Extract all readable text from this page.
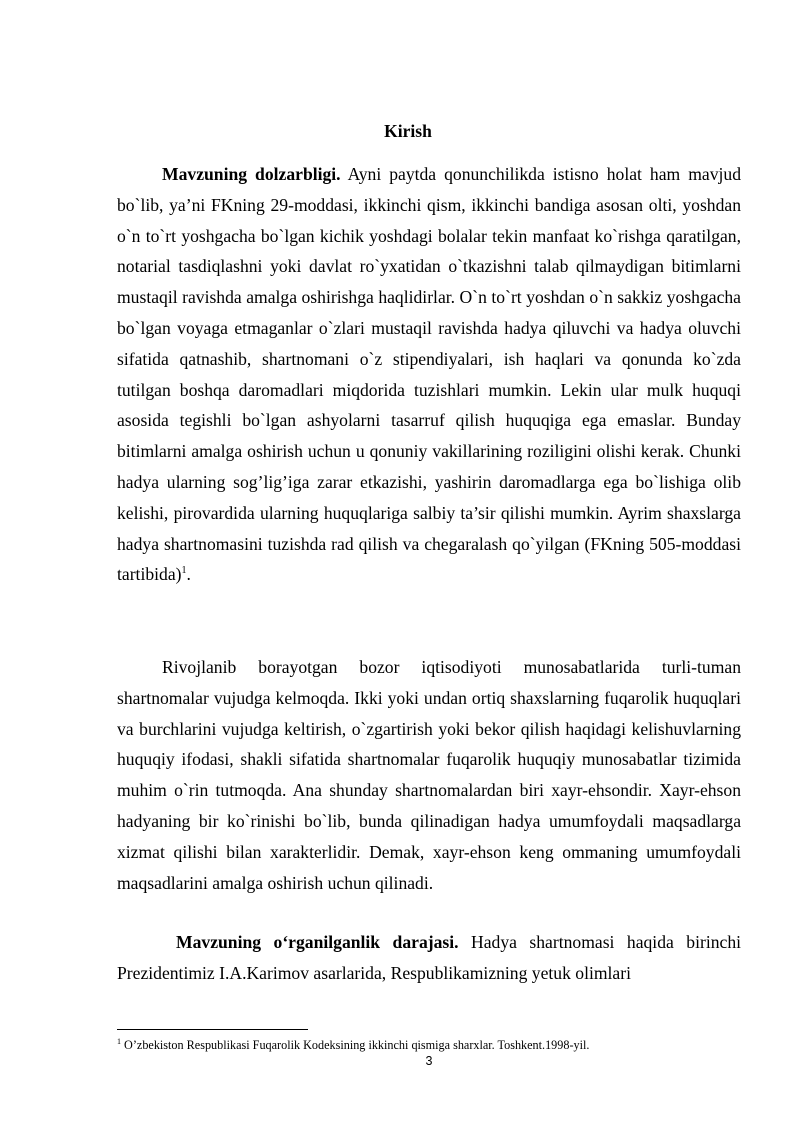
Kirish

Mavzuning dolzarbligi. Ayni paytda qonunchilikda istisno holat ham mavjud bo`lib, ya’ni FKning 29-moddasi, ikkinchi qism, ikkinchi bandiga asosan olti, yoshdan o`n to`rt yoshgacha bo`lgan kichik yoshdagi bolalar tekin manfaat ko`rishga qaratilgan, notarial tasdiqlashni yoki davlat ro`yxatidan o`tkazishni talab qilmaydigan bitimlarni mustaqil ravishda amalga oshirishga haqlidirlar. O`n to`rt yoshdan o`n sakkiz yoshgacha bo`lgan voyaga etmaganlar o`zlari mustaqil ravishda hadya qiluvchi va hadya oluvchi sifatida qatnashib, shartnomani o`z stipendiyalari, ish haqlari va qonunda ko`zda tutilgan boshqa daromadlari miqdorida tuzishlari mumkin. Lekin ular mulk huquqi asosida tegishli bo`lgan ashyolarni tasarruf qilish huquqiga ega emaslar. Bunday bitimlarni amalga oshirish uchun u qonuniy vakillarining roziligini olishi kerak. Chunki hadya ularning sog’lig’iga zarar etkazishi, yashirin daromadlarga ega bo`lishiga olib kelishi, pirovardida ularning huquqlariga salbiy ta’sir qilishi mumkin. Ayrim shaxslarga hadya shartnomasini tuzishda rad qilish va chegaralash qo`yilgan (FKning 505-moddasi tartibida)$^1$.

Rivojlanib borayotgan bozor iqtisodiyoti munosabatlarida turli-tuman shartnomalar vujudga kelmoqda. Ikki yoki undan ortiq shaxslarning fuqarolik huquqlari va burchlarini vujudga keltirish, o`zgartirish yoki bekor qilish haqidagi kelishuvlarning huquqiy ifodasi, shakli sifatida shartnomalar fuqarolik huquqiy munosabatlar tizimida muhim o`rin tutmoqda. Ana shunday shartnomalardan biri xayr-ehsondir. Xayr-ehson hadyaning bir ko`rinishi bo`lib, bunda qilinadigan hadya umumfoydali maqsadlarga xizmat qilishi bilan xarakterlidir. Demak, xayr-ehson keng ommaning umumfoydali maqsadlarini amalga oshirish uchun qilinadi.

Mavzuning o‘rganilganlik darajasi. Hadya shartnomasi haqida birinchi Prezidentimiz I.A.Karimov asarlarida, Respublikamizning yetuk olimlari

$^1$ O’zbekiston Respublikasi Fuqarolik Kodeksining ikkinchi qismiga sharxlar. Toshkent.1998-yil.
3
